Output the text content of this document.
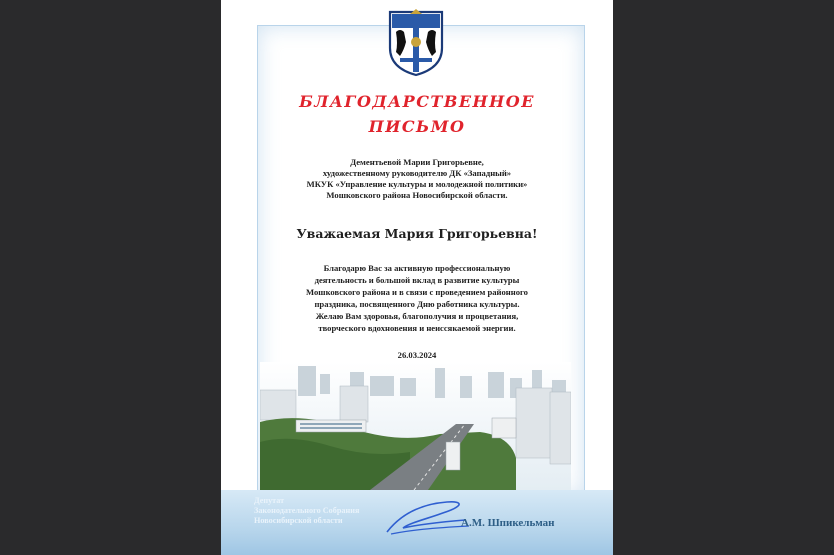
БЛАГОДАРСТВЕННОЕ
ПИСЬМО
Дементьевой Марии Григорьевне,
художественному руководителю ДК «Западный»
МКУК «Управление культуры и молодежной политики»
Мошковского района Новосибирской области.
Уважаемая Мария Григорьевна!
Благодарю Вас за активную профессиональную
деятельность и большой вклад в развитие культуры
Мошковского района и в связи с проведением районного
праздника, посвященного Дню работника культуры.
Желаю Вам здоровья, благополучия и процветания,
творческого вдохновения и неиссякаемой энергии.
26.03.2024
Депутат
Законодательного Собрания
Новосибирской области	А.М. Шпикельман
